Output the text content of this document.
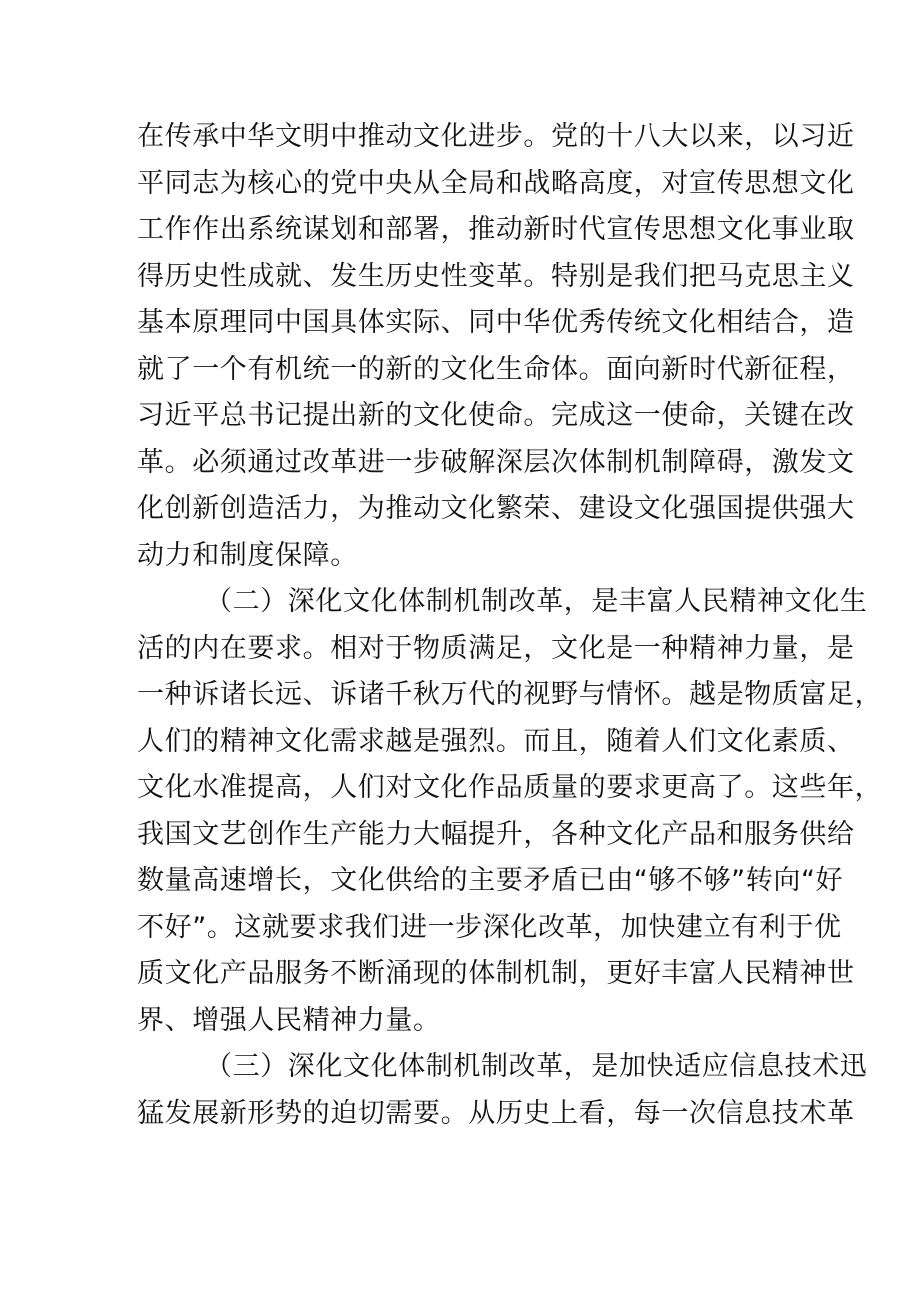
在传承中华文明中推动文化进步。党的十八大以来，以习近
平同志为核心的党中央从全局和战略高度，对宣传思想文化
工作作出系统谋划和部署，推动新时代宣传思想文化事业取
得历史性成就、发生历史性变革。特别是我们把马克思主义
基本原理同中国具体实际、同中华优秀传统文化相结合，造
就了一个有机统一的新的文化生命体。面向新时代新征程，
习近平总书记提出新的文化使命。完成这一使命，关键在改
革。必须通过改革进一步破解深层次体制机制障碍，激发文
化创新创造活力，为推动文化繁荣、建设文化强国提供强大
动力和制度保障。
（二）深化文化体制机制改革，是丰富人民精神文化生
活的内在要求。相对于物质满足，文化是一种精神力量，是
一种诉诸长远、诉诸千秋万代的视野与情怀。越是物质富足，
人们的精神文化需求越是强烈。而且，随着人们文化素质、
文化水准提高，人们对文化作品质量的要求更高了。这些年，
我国文艺创作生产能力大幅提升，各种文化产品和服务供给
数量高速增长，文化供给的主要矛盾已由“够不够”转向“好
不好”。这就要求我们进一步深化改革，加快建立有利于优
质文化产品服务不断涌现的体制机制，更好丰富人民精神世
界、增强人民精神力量。
（三）深化文化体制机制改革，是加快适应信息技术迅
猛发展新形势的迫切需要。从历史上看，每一次信息技术革
